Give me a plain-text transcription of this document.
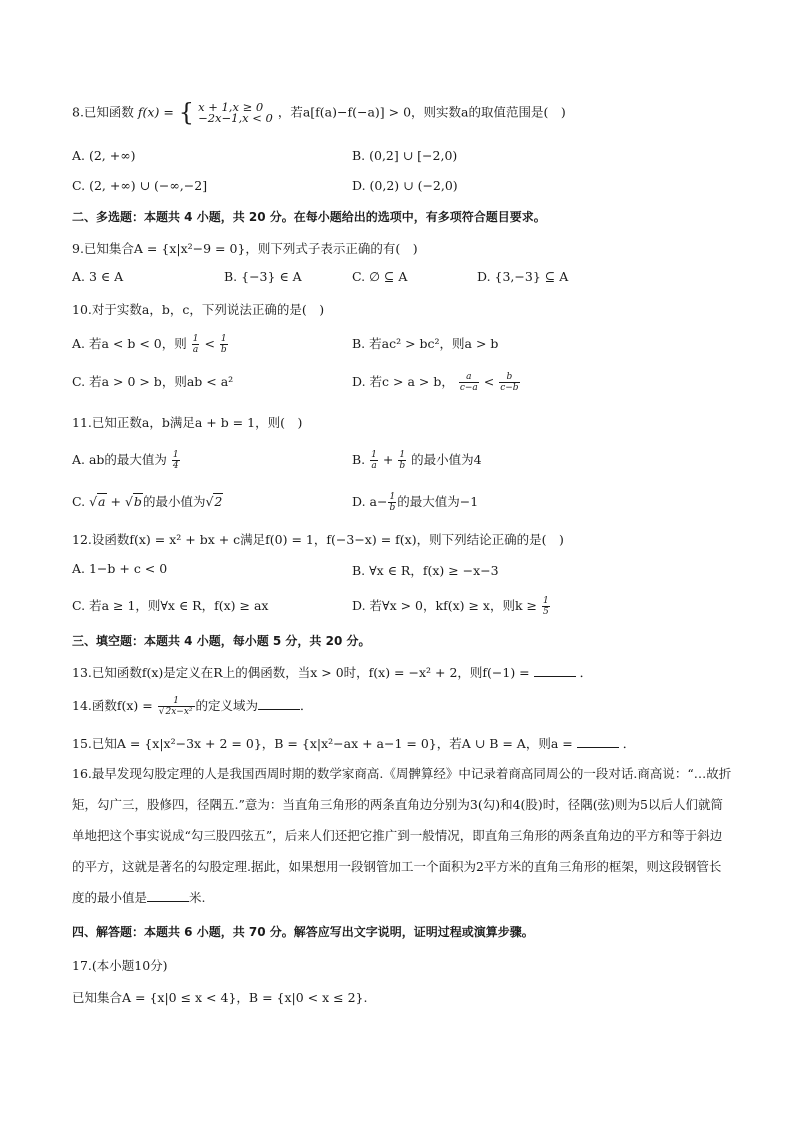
8.已知函数 f(x) = { x + 1,x ≥ 0
−2x−1,x < 0 ，若a[f(a)−f(−a)] > 0，则实数a的取值范围是(　)
A. (2, +∞)	B. (0,2] ∪ [−2,0)
C. (2, +∞) ∪ (−∞,−2]	D. (0,2) ∪ (−2,0)
二、多选题：本题共 4 小题，共 20 分。在每小题给出的选项中，有多项符合题目要求。
9.已知集合A = {x|x²−9 = 0}，则下列式子表示正确的有(　)
A. 3 ∈ A	B. {−3} ∈ A	C. ∅ ⊆ A	D. {3,−3} ⊆ A
10.对于实数a，b，c，下列说法正确的是(　)
A. 若a < b < 0，则 $\frac{1}{a} < \frac{1}{b}$	B. 若ac² > bc²，则a > b
C. 若a > 0 > b，则ab < a²	D. 若c > a > b， $\frac{a}{c-a} < \frac{b}{c-b}$
11.已知正数a，b满足a + b = 1，则(　)
A. ab的最大值为 $\frac{1}{4}$	B. $\frac{1}{a} + \frac{1}{b}$ 的最小值为4
C. √a + √b的最小值为√2	D. $a- \frac{1}{b}$ 的最大值为−1
12.设函数f(x) = x² + bx + c满足f(0) = 1，f(−3−x) = f(x)，则下列结论正确的是(　)
A. 1−b + c < 0	B. ∀x ∈ R，f(x) ≥ −x−3
C. 若a ≥ 1，则∀x ∈ R，f(x) ≥ ax	D. 若∀x > 0，kf(x) ≥ x，则$k \ge \frac{1}{5}$
三、填空题：本题共 4 小题，每小题 5 分，共 20 分。
13.已知函数f(x)是定义在R上的偶函数，当x > 0时，f(x) = −x² + 2，则f(−1) =	．
14.函数$f(x) = \frac{1}{\text{√2x−x²}}$ 的定义域为	．
15.已知A = {x|x²−3x + 2 = 0}，B = {x|x²−ax + a−1 = 0}，若A ∪ B = A，则a =	．
16.最早发现勾股定理的人是我国西周时期的数学家商高.《周髀算经》中记录着商高同周公的一段对话.商高说：“…故折矩，勾广三，股修四，径隅五.”意为：当直角三角形的两条直角边分别为3(勾)和4(股)时，径隅(弦)则为5以后人们就简单地把这个事实说成“勾三股四弦五”，后来人们还把它推广到一般情况，即直角三角形的两条直角边的平方和等于斜边的平方，这就是著名的勾股定理.据此，如果想用一段钢管加工一个面积为2平方米的直角三角形的框架，则这段钢管长度的最小值是	米.
四、解答题：本题共 6 小题，共 70 分。解答应写出文字说明，证明过程或演算步骤。
17.(本小题10分)
已知集合A = {x|0 ≤ x < 4}，B = {x|0 < x ≤ 2}.
